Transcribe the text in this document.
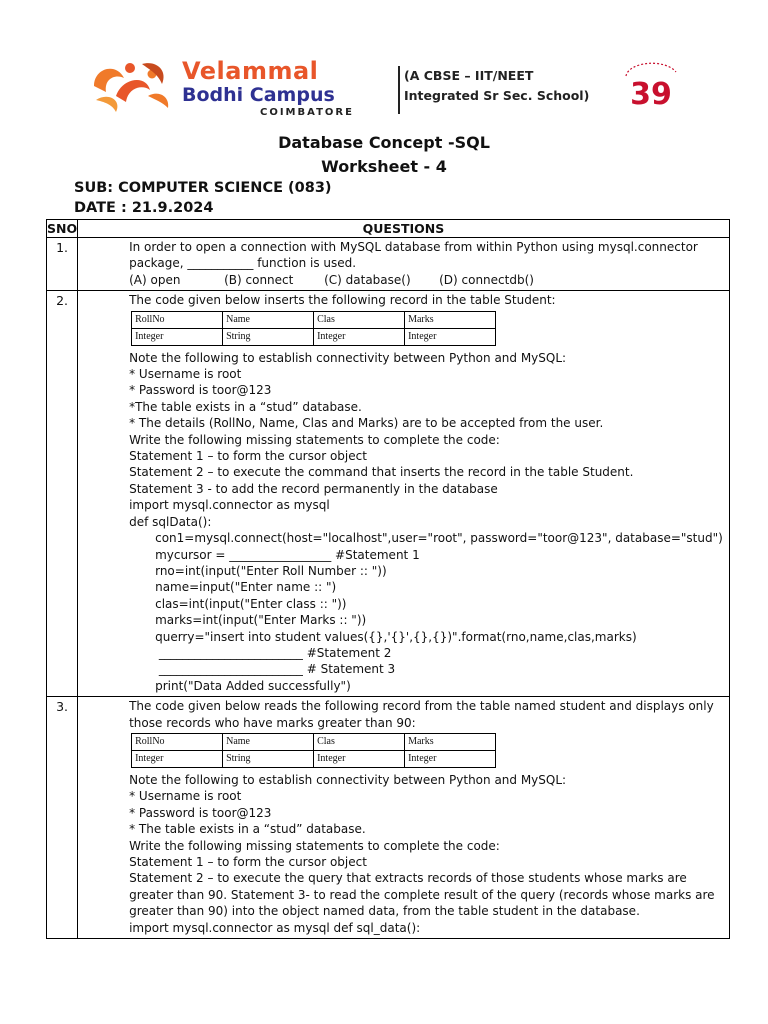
Velammal
Bodhi Campus
COIMBATORE
(A CBSE – IIT/NEET
Integrated Sr Sec. School) 39
Database Concept -SQL
Worksheet - 4
SUB: COMPUTER SCIENCE (083)
DATE : 21.9.2024
SNO	QUESTIONS
1.	In order to open a connection with MySQL database from within Python using mysql.connector package, ___________ function is used.
(A) open	(B) connect	(C) database()	(D) connectdb()

2.	The code given below inserts the following record in the table Student:
RollNo	Name	Clas	Marks
Integer	String	Integer	Integer
Note the following to establish connectivity between Python and MySQL:
* Username is root
* Password is toor@123
*The table exists in a “stud” database.
* The details (RollNo, Name, Clas and Marks) are to be accepted from the user.
Write the following missing statements to complete the code:
Statement 1 – to form the cursor object
Statement 2 – to execute the command that inserts the record in the table Student.
Statement 3 - to add the record permanently in the database
import mysql.connector as mysql
def sqlData():
con1=mysql.connect(host="localhost",user="root", password="toor@123", database="stud")
mycursor = _________________ #Statement 1
rno=int(input("Enter Roll Number :: "))
name=input("Enter name :: ")
clas=int(input("Enter class :: "))
marks=int(input("Enter Marks :: "))
querry="insert into student values({},'{}',{},{})".format(rno,name,clas,marks)
________________________ #Statement 2
________________________ # Statement 3
print("Data Added successfully")

3.	The code given below reads the following record from the table named student and displays only those records who have marks greater than 90:
RollNo	Name	Clas	Marks
Integer	String	Integer	Integer
Note the following to establish connectivity between Python and MySQL:
* Username is root
* Password is toor@123
* The table exists in a “stud” database.
Write the following missing statements to complete the code:
Statement 1 – to form the cursor object
Statement 2 – to execute the query that extracts records of those students whose marks are greater than 90. Statement 3- to read the complete result of the query (records whose marks are greater than 90) into the object named data, from the table student in the database.
import mysql.connector as mysql def sql_data():
